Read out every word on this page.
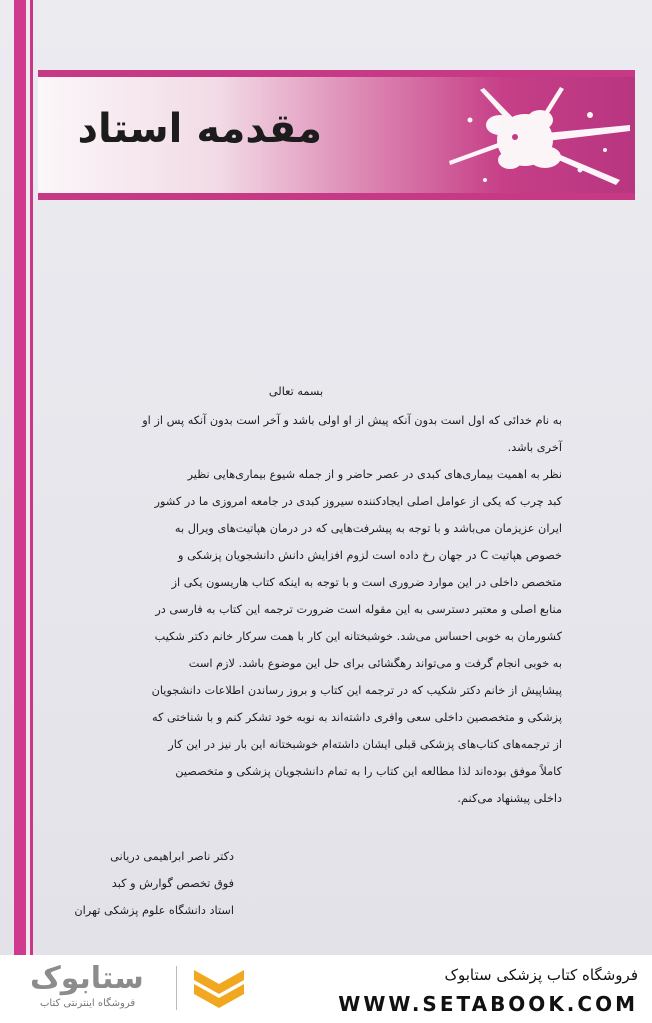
مقدمه استاد
بسمه تعالی
به نام خدائی که اول است بدون آنکه پیش از او اولی باشد و آخر است بدون آنکه پس از او
آخری باشد.
نظر به اهمیت بیماری‌های کبدی در عصر حاضر و از جمله شیوع بیماری‌هایی نظیر
کبد چرب که یکی از عوامل اصلی ایجادکننده سیروز کبدی در جامعه امروزی ما در کشور
ایران عزیزمان می‌باشد و با توجه به پیشرفت‌هایی که در درمان هپاتیت‌های ویرال به
خصوص هپاتیت C در جهان رخ داده است لزوم افزایش دانش دانشجویان پزشکی و
متخصص داخلی در این موارد ضروری است و با توجه به اینکه کتاب هاریسون یکی از
منابع اصلی و معتبر دسترسی به این مقوله است ضرورت ترجمه این کتاب به فارسی در
کشورمان به خوبی احساس می‌شد. خوشبختانه این کار با همت سرکار خانم دکتر شکیب
به خوبی انجام گرفت و می‌تواند رهگشائی برای حل این موضوع باشد. لازم است
پیشاپیش از خانم دکتر شکیب که در ترجمه این کتاب و بروز رساندن اطلاعات دانشجویان
پزشکی و متخصصین داخلی سعی وافری داشته‌اند به نوبه خود تشکر کنم و با شناختی که
از ترجمه‌های کتاب‌های پزشکی قبلی ایشان داشته‌ام خوشبختانه این بار نیز در این کار
کاملاً موفق بوده‌اند لذا مطالعه این کتاب را به تمام دانشجویان پزشکی و متخصصین
داخلی پیشنهاد می‌کنم.
دکتر ناصر ابراهیمی دریانی
فوق تخصص گوارش و کبد
استاد دانشگاه علوم پزشکی تهران
فروشگاه کتاب پزشکی ستابوک
WWW.SETABOOK.COM
ستابوک
فروشگاه اینترنتی کتاب
